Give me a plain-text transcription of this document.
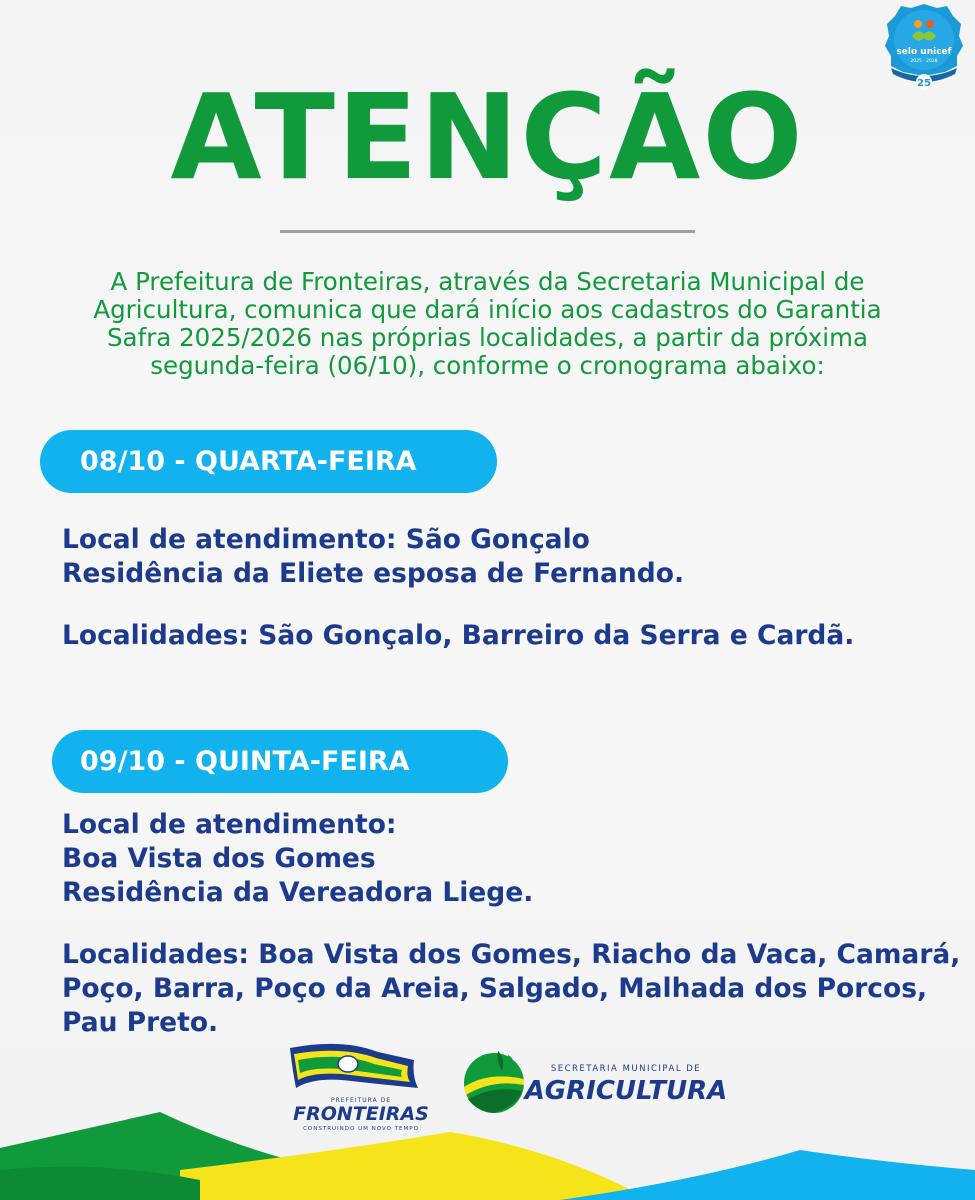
selo unicef
2025 · 2028
25
ATENÇÃO
A Prefeitura de Fronteiras, através da Secretaria Municipal de
Agricultura, comunica que dará início aos cadastros do Garantia
Safra 2025/2026 nas próprias localidades, a partir da próxima
segunda-feira (06/10), conforme o cronograma abaixo:
08/10 - QUARTA-FEIRA
Local de atendimento: São Gonçalo
Residência da Eliete esposa de Fernando.
Localidades: São Gonçalo, Barreiro da Serra e Cardã.
09/10 - QUINTA-FEIRA
Local de atendimento:
Boa Vista dos Gomes
Residência da Vereadora Liege.
Localidades: Boa Vista dos Gomes, Riacho da Vaca, Camará,
Poço, Barra, Poço da Areia, Salgado, Malhada dos Porcos,
Pau Preto.
PREFEITURA DE
FRONTEIRAS
CONSTRUINDO UM NOVO TEMPO
SECRETARIA MUNICIPAL DE
AGRICULTURA
